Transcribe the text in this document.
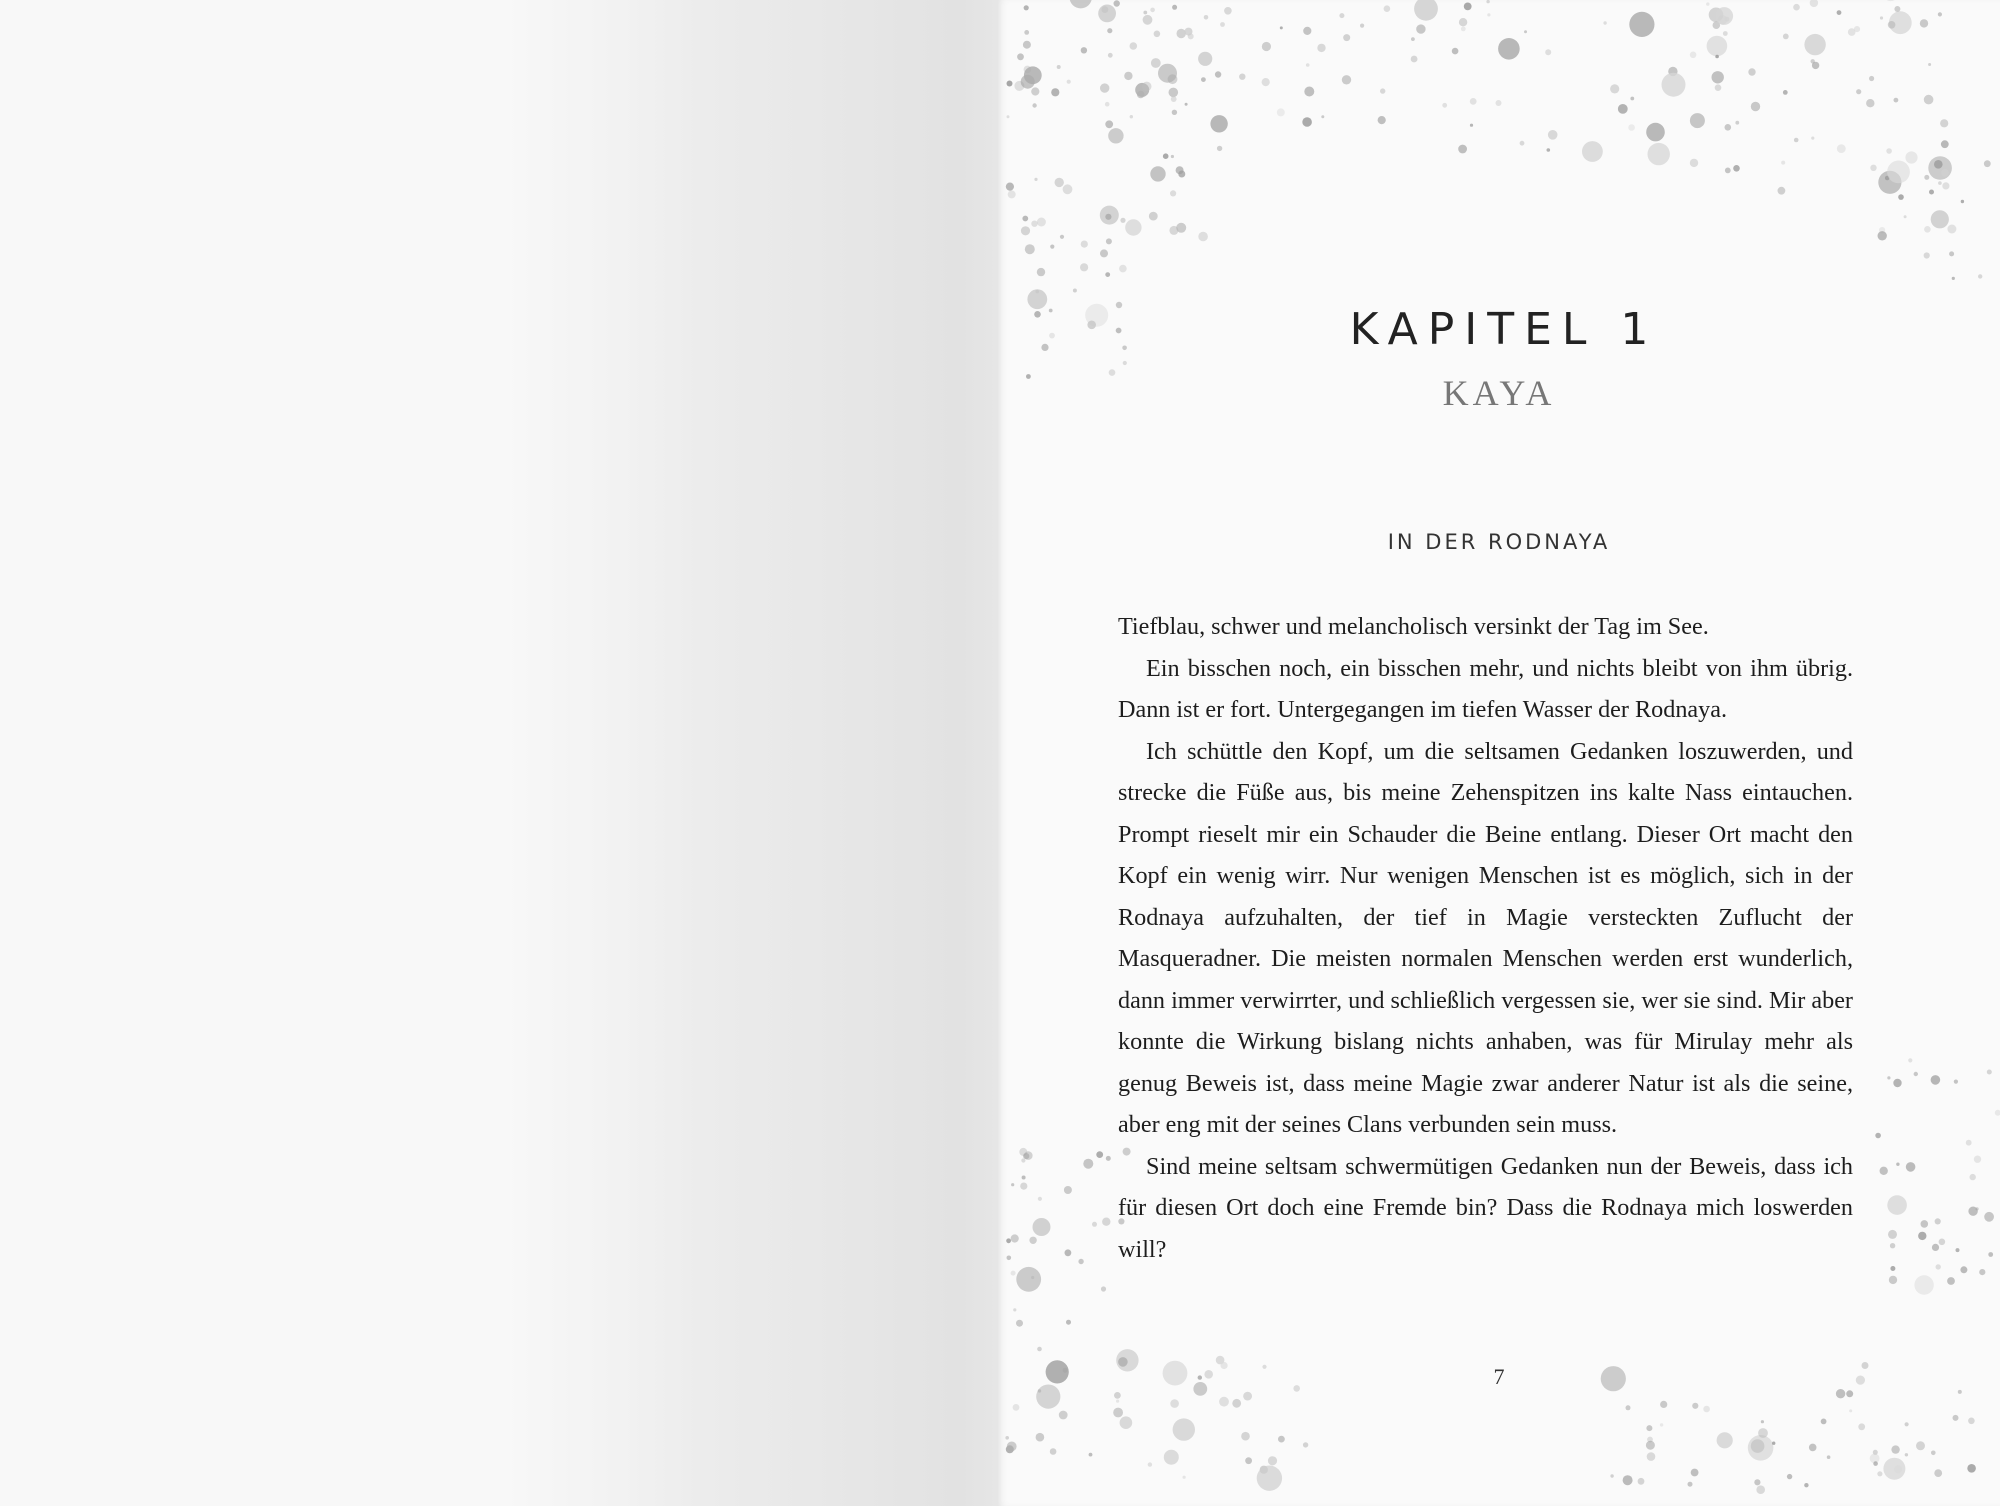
KAPITEL 1
KAYA
IN DER RODNAYA

Tiefblau, schwer und melancholisch versinkt der Tag im See.

Ein bisschen noch, ein bisschen mehr, und nichts bleibt von ihm übrig. Dann ist er fort. Untergegangen im tiefen Wasser der Rodnaya.

Ich schüttle den Kopf, um die seltsamen Gedanken loszuwerden, und strecke die Füße aus, bis meine Zehenspitzen ins kalte Nass eintauchen. Prompt rieselt mir ein Schauder die Beine entlang. Dieser Ort macht den Kopf ein wenig wirr. Nur wenigen Menschen ist es möglich, sich in der Rodnaya aufzuhalten, der tief in Magie versteckten Zuflucht der Masqueradner. Die meisten normalen Menschen werden erst wunderlich, dann immer verwirrter, und schließlich vergessen sie, wer sie sind. Mir aber konnte die Wirkung bislang nichts anhaben, was für Mirulay mehr als genug Beweis ist, dass meine Magie zwar anderer Natur ist als die seine, aber eng mit der seines Clans verbunden sein muss.

Sind meine seltsam schwermütigen Gedanken nun der Beweis, dass ich für diesen Ort doch eine Fremde bin? Dass die Rodnaya mich loswerden will?

7
